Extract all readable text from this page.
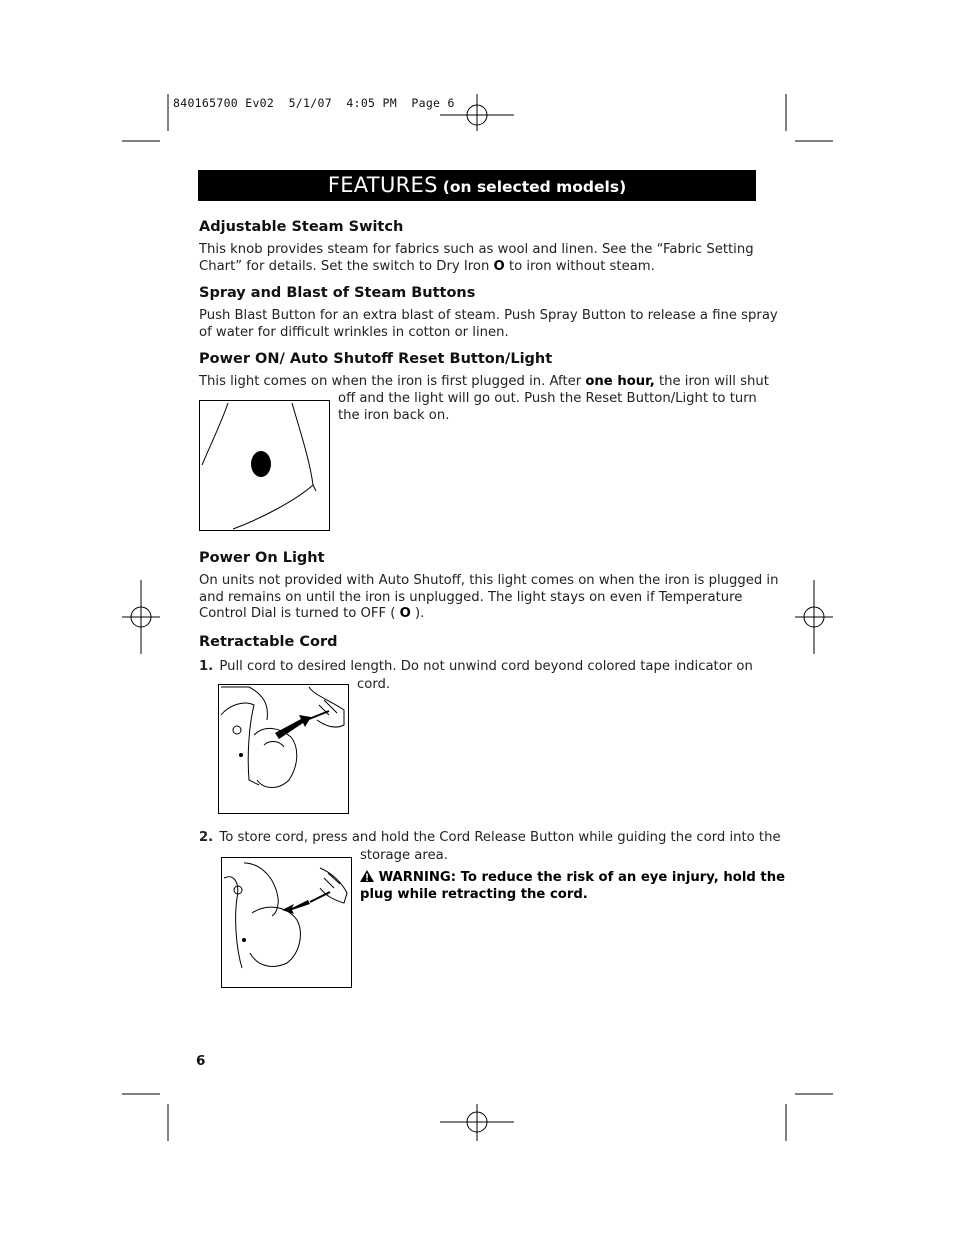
840165700 Ev02  5/1/07  4:05 PM  Page 6
FEATURES (on selected models)
Adjustable Steam Switch
This knob provides steam for fabrics such as wool and linen. See the “Fabric Setting
Chart” for details. Set the switch to Dry Iron O to iron without steam.
Spray and Blast of Steam Buttons
Push Blast Button for an extra blast of steam. Push Spray Button to release a fine spray
of water for difficult wrinkles in cotton or linen.
Power ON/ Auto Shutoff Reset Button/Light
This light comes on when the iron is first plugged in. After one hour, the iron will shut
off and the light will go out. Push the Reset Button/Light to turn
the iron back on.
Power On Light
On units not provided with Auto Shutoff, this light comes on when the iron is plugged in
and remains on until the iron is unplugged. The light stays on even if Temperature
Control Dial is turned to OFF ( O ).
Retractable Cord
1. Pull cord to desired length. Do not unwind cord beyond colored tape indicator on
cord.
2. To store cord, press and hold the Cord Release Button while guiding the cord into the
storage area.
WARNING: To reduce the risk of an eye injury, hold the
plug while retracting the cord.
6
